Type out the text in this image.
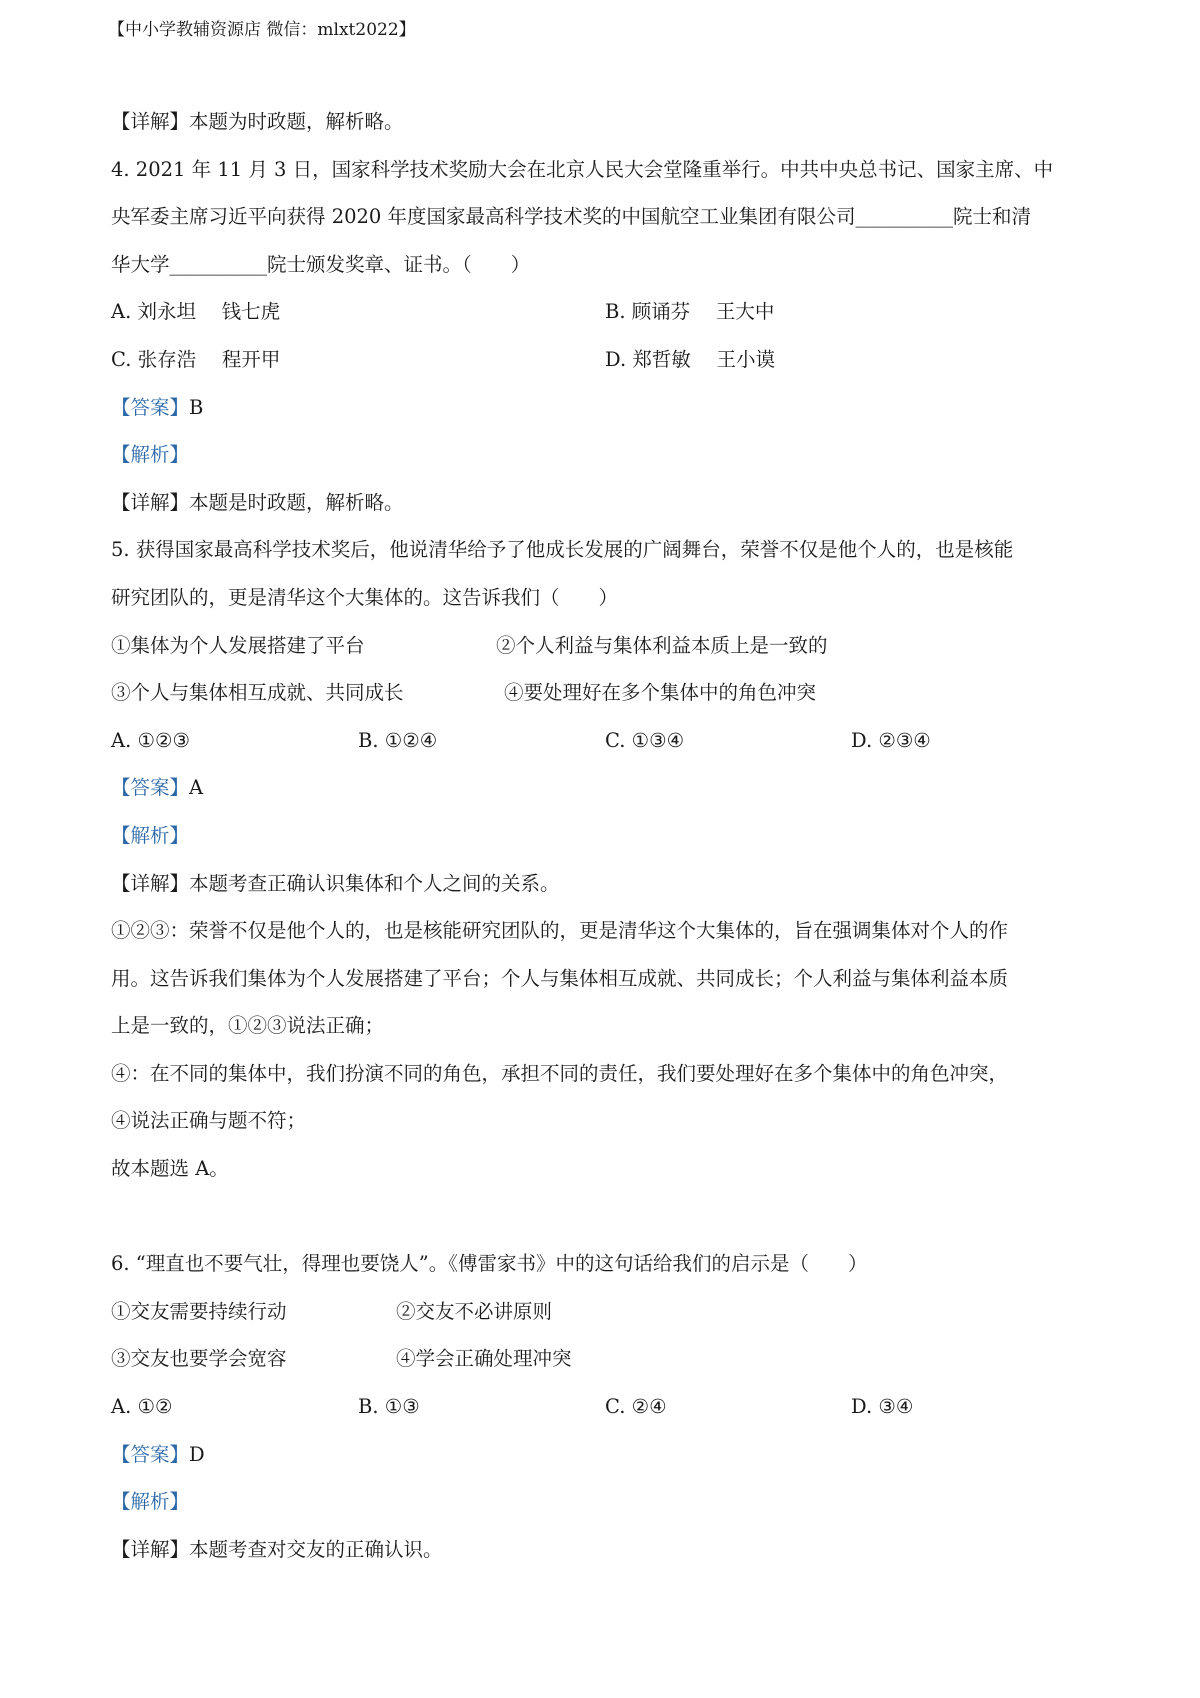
【中小学教辅资源店 微信：mlxt2022】
【详解】本题为时政题，解析略。
4. 2021 年 11 月 3 日，国家科学技术奖励大会在北京人民大会堂隆重举行。中共中央总书记、国家主席、中
央军委主席习近平向获得 2020 年度国家最高科学技术奖的中国航空工业集团有限公司__________院士和清
华大学__________院士颁发奖章、证书。（　　）
A. 刘永坦　 钱七虎	B. 顾诵芬　 王大中
C. 张存浩　 程开甲	D. 郑哲敏　 王小谟
【答案】B
【解析】
【详解】本题是时政题，解析略。
5. 获得国家最高科学技术奖后，他说清华给予了他成长发展的广阔舞台，荣誉不仅是他个人的，也是核能
研究团队的，更是清华这个大集体的。这告诉我们（　　）
①集体为个人发展搭建了平台	②个人利益与集体利益本质上是一致的
③个人与集体相互成就、共同成长	④要处理好在多个集体中的角色冲突
A. ①②③	B. ①②④	C. ①③④	D. ②③④
【答案】A
【解析】
【详解】本题考查正确认识集体和个人之间的关系。
①②③：荣誉不仅是他个人的，也是核能研究团队的，更是清华这个大集体的，旨在强调集体对个人的作
用。这告诉我们集体为个人发展搭建了平台；个人与集体相互成就、共同成长；个人利益与集体利益本质
上是一致的，①②③说法正确；
④：在不同的集体中，我们扮演不同的角色，承担不同的责任，我们要处理好在多个集体中的角色冲突，
④说法正确与题不符；
故本题选 A。
6. “理直也不要气壮，得理也要饶人”。《傅雷家书》中的这句话给我们的启示是（　　）
①交友需要持续行动	②交友不必讲原则
③交友也要学会宽容	④学会正确处理冲突
A. ①②	B. ①③	C. ②④	D. ③④
【答案】D
【解析】
【详解】本题考查对交友的正确认识。
